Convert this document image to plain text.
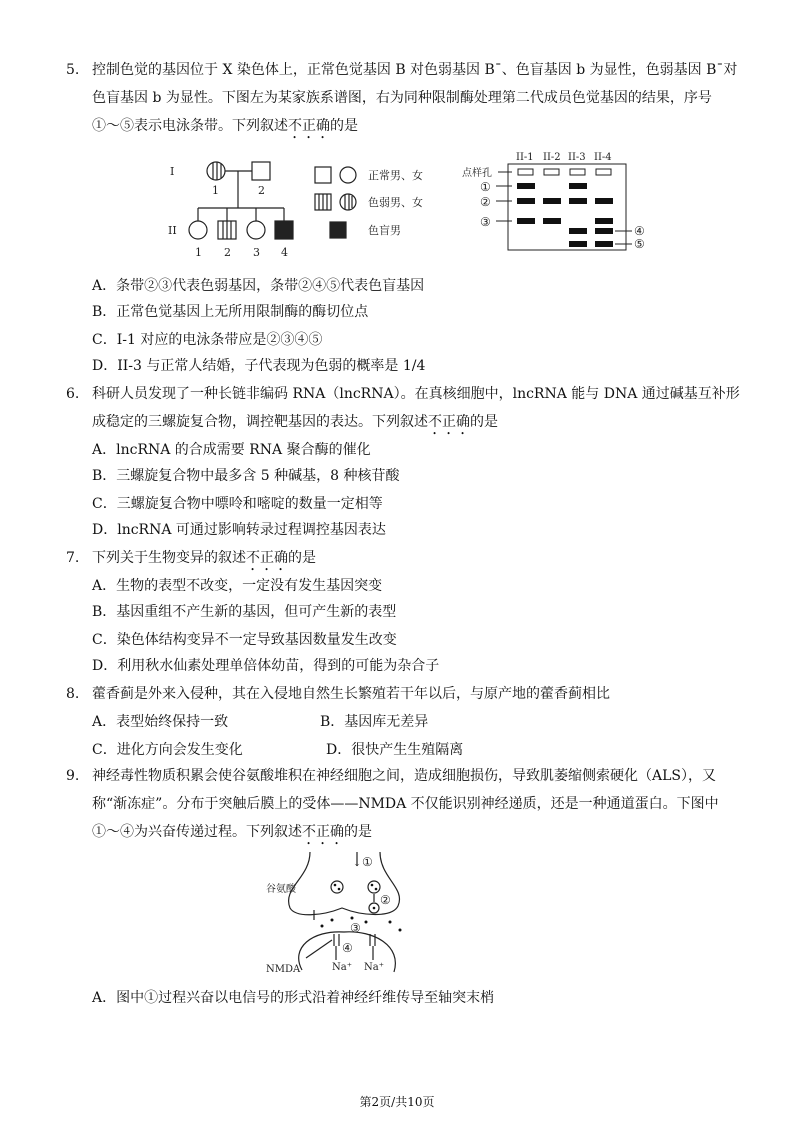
5. 控制色觉的基因位于 X 染色体上，正常色觉基因 B 对色弱基因 Bˉ、色盲基因 b 为显性，色弱基因 Bˉ对
色盲基因 b 为显性。下图左为某家族系谱图，右为同种限制酶处理第二代成员色觉基因的结果，序号
①～⑤表示电泳条带。下列叙述不正确的是
I
1	2
II
1 2 3 4
正常男、女
色弱男、女
色盲男
II-1 II-2 II-3 II-4
点样孔
①
②
③
④
⑤
A．条带②③代表色弱基因，条带②④⑤代表色盲基因
B．正常色觉基因上无所用限制酶的酶切位点
C．I-1 对应的电泳条带应是②③④⑤
D．II-3 与正常人结婚，子代表现为色弱的概率是 1/4
6. 科研人员发现了一种长链非编码 RNA（lncRNA）。在真核细胞中，lncRNA 能与 DNA 通过碱基互补形
成稳定的三螺旋复合物，调控靶基因的表达。下列叙述不正确的是
A．lncRNA 的合成需要 RNA 聚合酶的催化
B．三螺旋复合物中最多含 5 种碱基，8 种核苷酸
C．三螺旋复合物中嘌呤和嘧啶的数量一定相等
D．lncRNA 可通过影响转录过程调控基因表达
7. 下列关于生物变异的叙述不正确的是
A．生物的表型不改变，一定没有发生基因突变
B．基因重组不产生新的基因，但可产生新的表型
C．染色体结构变异不一定导致基因数量发生改变
D．利用秋水仙素处理单倍体幼苗，得到的可能为杂合子
8. 藿香蓟是外来入侵种，其在入侵地自然生长繁殖若干年以后，与原产地的藿香蓟相比
A．表型始终保持一致	B．基因库无差异
C．进化方向会发生变化	D．很快产生生殖隔离
9. 神经毒性物质积累会使谷氨酸堆积在神经细胞之间，造成细胞损伤，导致肌萎缩侧索硬化（ALS），又
称“渐冻症”。分布于突触后膜上的受体——NMDA 不仅能识别神经递质，还是一种通道蛋白。下图中
①～④为兴奋传递过程。下列叙述不正确的是
谷氨酸
↓①
②
③
④
Na⁺ Na⁺
NMDA
A．图中①过程兴奋以电信号的形式沿着神经纤维传导至轴突末梢
第2页/共10页
